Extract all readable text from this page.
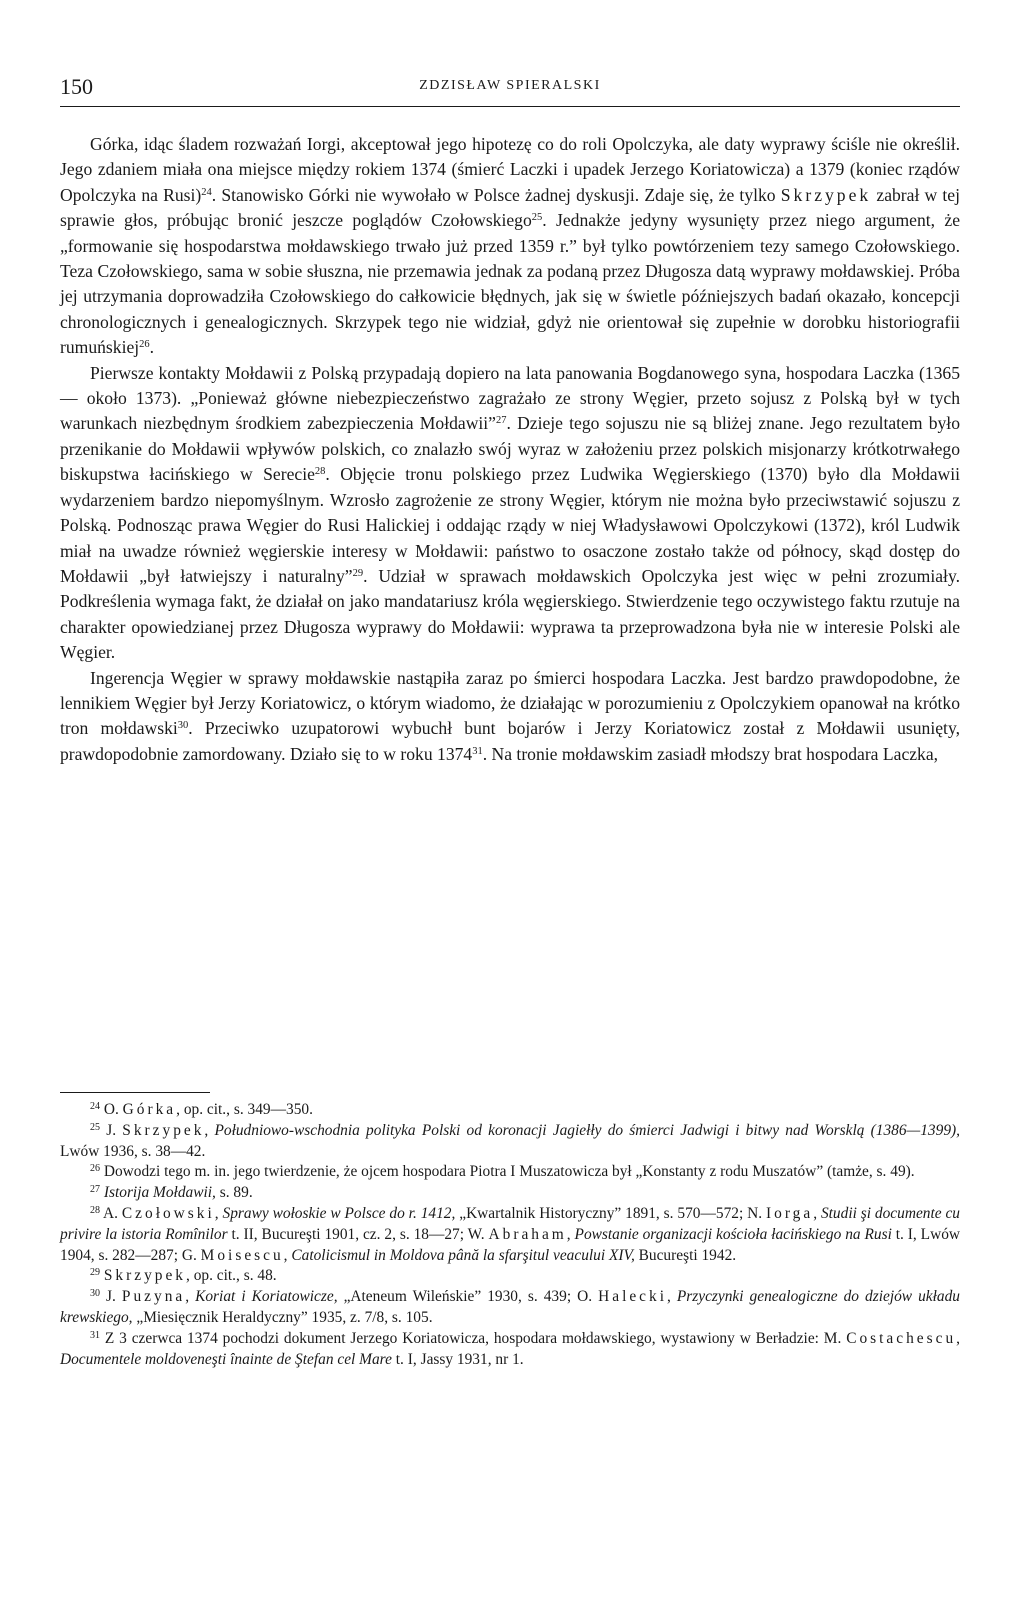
150	ZDZISŁAW SPIERALSKI

Górka, idąc śladem rozważań Iorgi, akceptował jego hipotezę co do roli Opolczyka, ale daty wyprawy ściśle nie określił. Jego zdaniem miała ona miejsce między rokiem 1374 (śmierć Laczki i upadek Jerzego Koriatowicza) a 1379 (koniec rządów Opolczyka na Rusi)$^{24}$. Stanowisko Górki nie wywołało w Polsce żadnej dyskusji. Zdaje się, że tylko Skrzypek zabrał w tej sprawie głos, próbując bronić jeszcze poglądów Czołowskiego$^{25}$. Jednakże jedyny wysunięty przez niego argument, że „formowanie się hospodarstwa mołdawskiego trwało już przed 1359 r.” był tylko powtórzeniem tezy samego Czołowskiego. Teza Czołowskiego, sama w sobie słuszna, nie przemawia jednak za podaną przez Długosza datą wyprawy mołdawskiej. Próba jej utrzymania doprowadziła Czołowskiego do całkowicie błędnych, jak się w świetle późniejszych badań okazało, koncepcji chronologicznych i genealogicznych. Skrzypek tego nie widział, gdyż nie orientował się zupełnie w dorobku historiografii rumuńskiej$^{26}$.

Pierwsze kontakty Mołdawii z Polską przypadają dopiero na lata panowania Bogdanowego syna, hospodara Laczka (1365 — około 1373). „Ponieważ główne niebezpieczeństwo zagrażało ze strony Węgier, przeto sojusz z Polską był w tych warunkach niezbędnym środkiem zabezpieczenia Mołdawii”$^{27}$. Dzieje tego sojuszu nie są bliżej znane. Jego rezultatem było przenikanie do Mołdawii wpływów polskich, co znalazło swój wyraz w założeniu przez polskich misjonarzy krótkotrwałego biskupstwa łacińskiego w Serecie$^{28}$. Objęcie tronu polskiego przez Ludwika Węgierskiego (1370) było dla Mołdawii wydarzeniem bardzo niepomyślnym. Wzrosło zagrożenie ze strony Węgier, którym nie można było przeciwstawić sojuszu z Polską. Podnosząc prawa Węgier do Rusi Halickiej i oddając rządy w niej Władysławowi Opolczykowi (1372), król Ludwik miał na uwadze również węgierskie interesy w Mołdawii: państwo to osaczone zostało także od północy, skąd dostęp do Mołdawii „był łatwiejszy i naturalny”$^{29}$. Udział w sprawach mołdawskich Opolczyka jest więc w pełni zrozumiały. Podkreślenia wymaga fakt, że działał on jako mandatariusz króla węgierskiego. Stwierdzenie tego oczywistego faktu rzutuje na charakter opowiedzianej przez Długosza wyprawy do Mołdawii: wyprawa ta przeprowadzona była nie w interesie Polski ale Węgier.

Ingerencja Węgier w sprawy mołdawskie nastąpiła zaraz po śmierci hospodara Laczka. Jest bardzo prawdopodobne, że lennikiem Węgier był Jerzy Koriatowicz, o którym wiadomo, że działając w porozumieniu z Opolczykiem opanował na krótko tron mołdawski$^{30}$. Przeciwko uzupatorowi wybuchł bunt bojarów i Jerzy Koriatowicz został z Mołdawii usunięty, prawdopodobnie zamordowany. Działo się to w roku 1374$^{31}$. Na tronie mołdawskim zasiadł młodszy brat hospodara Laczka,

$^{24}$ O. Górka, op. cit., s. 349—350.

$^{25}$ J. Skrzypek, Południowo-wschodnia polityka Polski od koronacji Jagiełły do śmierci Jadwigi i bitwy nad Worsklą (1386—1399), Lwów 1936, s. 38—42.

$^{26}$ Dowodzi tego m. in. jego twierdzenie, że ojcem hospodara Piotra I Muszatowicza był „Konstanty z rodu Muszatów” (tamże, s. 49).

$^{27}$ Istorija Mołdawii, s. 89.

$^{28}$ A. Czołowski, Sprawy wołoskie w Polsce do r. 1412, „Kwartalnik Historyczny” 1891, s. 570—572; N. Iorga, Studii şi documente cu privire la istoria Romînilor t. II, Bucureşti 1901, cz. 2, s. 18—27; W. Abraham, Powstanie organizacji kościoła łacińskiego na Rusi t. I, Lwów 1904, s. 282—287; G. Moisescu, Catolicismul in Moldova până la sfarşitul veacului XIV, Bucureşti 1942.

$^{29}$ Skrzypek, op. cit., s. 48.

$^{30}$ J. Puzyna, Koriat i Koriatowicze, „Ateneum Wileńskie” 1930, s. 439; O. Halecki, Przyczynki genealogiczne do dziejów układu krewskiego, „Miesięcznik Heraldyczny” 1935, z. 7/8, s. 105.

$^{31}$ Z 3 czerwca 1374 pochodzi dokument Jerzego Koriatowicza, hospodara mołdawskiego, wystawiony w Berładzie: M. Costachescu, Documentele moldoveneşti înainte de Ştefan cel Mare t. I, Jassy 1931, nr 1.
